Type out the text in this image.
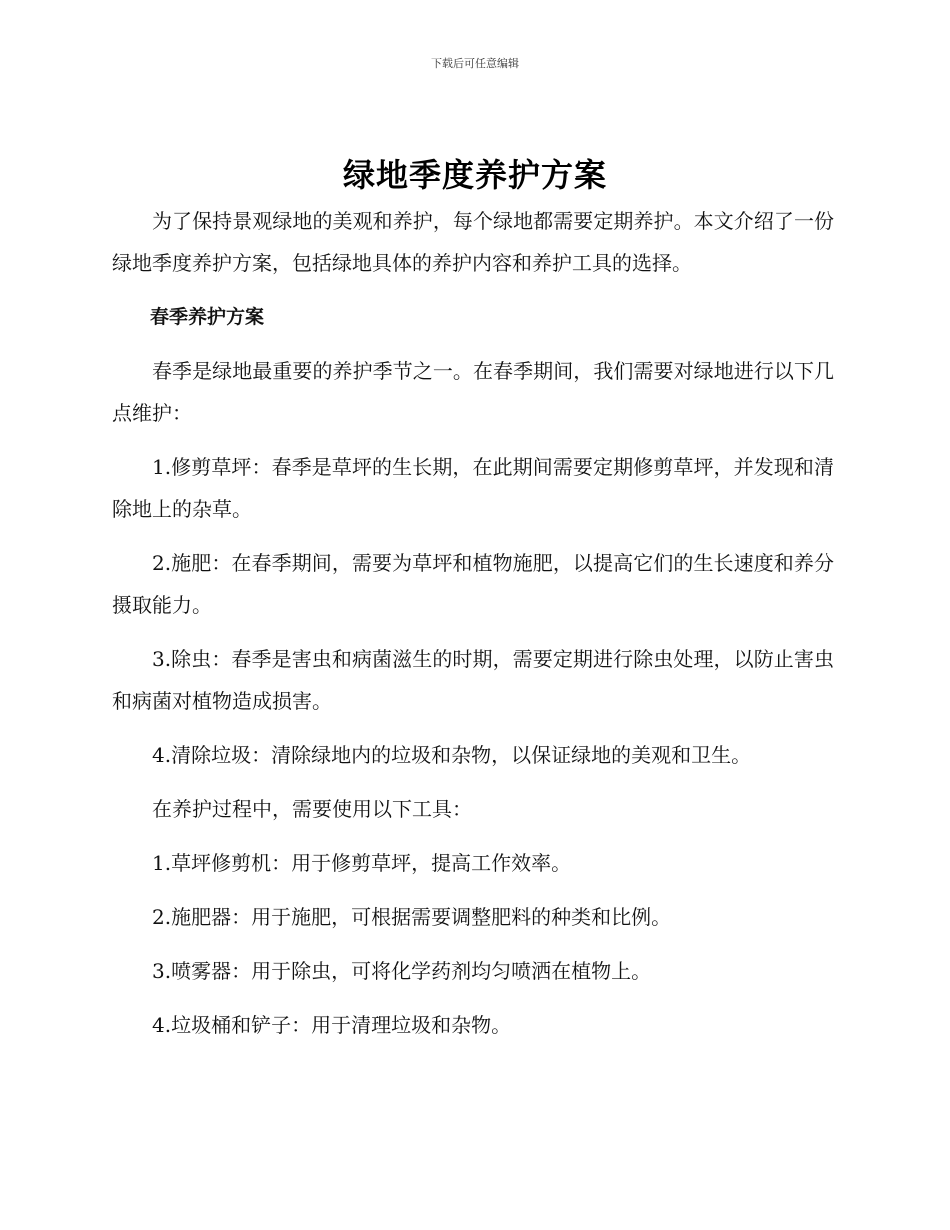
下载后可任意编辑
绿地季度养护方案

为了保持景观绿地的美观和养护，每个绿地都需要定期养护。本文介绍了一份绿地季度养护方案，包括绿地具体的养护内容和养护工具的选择。

春季养护方案

春季是绿地最重要的养护季节之一。在春季期间，我们需要对绿地进行以下几点维护：

1.修剪草坪：春季是草坪的生长期，在此期间需要定期修剪草坪，并发现和清除地上的杂草。

2.施肥：在春季期间，需要为草坪和植物施肥，以提高它们的生长速度和养分摄取能力。

3.除虫：春季是害虫和病菌滋生的时期，需要定期进行除虫处理，以防止害虫和病菌对植物造成损害。

4.清除垃圾：清除绿地内的垃圾和杂物，以保证绿地的美观和卫生。

在养护过程中，需要使用以下工具：

1.草坪修剪机：用于修剪草坪，提高工作效率。

2.施肥器：用于施肥，可根据需要调整肥料的种类和比例。

3.喷雾器：用于除虫，可将化学药剂均匀喷洒在植物上。

4.垃圾桶和铲子：用于清理垃圾和杂物。
